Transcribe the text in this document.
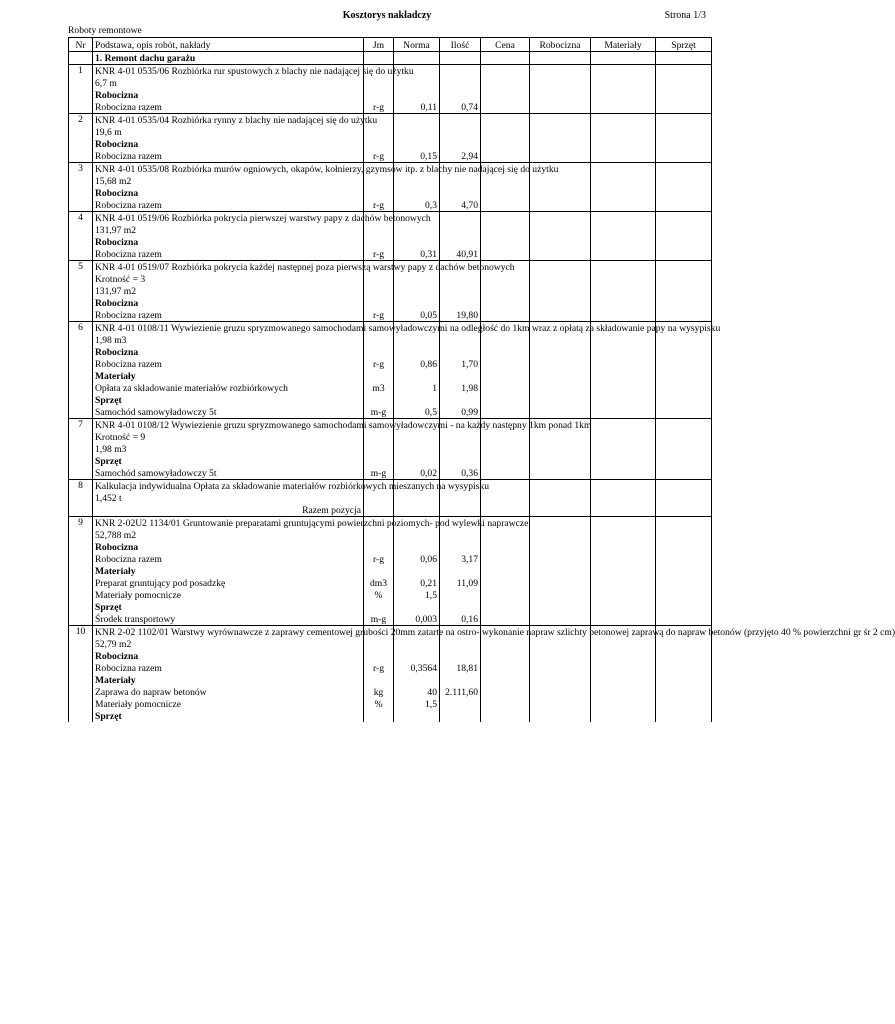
Kosztorys nakładczy	Strona 1/3
Roboty remontowe
Nr	Podstawa, opis robót, nakłady	Jm	Norma	Ilość	Cena	Robocizna	Materiały	Sprzęt
	1. Remont dachu garażu							
1	KNR 4-01 0535/06 Rozbiórka rur spustowych z blachy nie nadającej się do użytku							
	6,7 m							
	Robocizna							
	Robocizna razem	r-g	0,11	0,74				
2	KNR 4-01 0535/04 Rozbiórka rynny z blachy nie nadającej się do użytku							
	19,6 m							
	Robocizna							
	Robocizna razem	r-g	0,15	2,94				
3	KNR 4-01 0535/08 Rozbiórka murów ogniowych, okapów, kołnierzy, gzymsów itp. z blachy nie nadającej się do użytku							
	15,68 m2							
	Robocizna							
	Robocizna razem	r-g	0,3	4,70				
4	KNR 4-01 0519/06 Rozbiórka pokrycia pierwszej warstwy papy z dachów betonowych							
	131,97 m2							
	Robocizna							
	Robocizna razem	r-g	0,31	40,91				
5	KNR 4-01 0519/07 Rozbiórka pokrycia każdej następnej poza pierwszą warstwy papy z dachów betonowych							
	Krotność = 3							
	131,97 m2							
	Robocizna							
	Robocizna razem	r-g	0,05	19,80				
6	KNR 4-01 0108/11 Wywiezienie gruzu spryzmowanego samochodami samowyładowczymi na odległość do 1km wraz z opłatą za składowanie papy na wysypisku							
	1,98 m3							
	Robocizna							
	Robocizna razem	r-g	0,86	1,70				
	Materiały							
	Opłata za składowanie materiałów rozbiórkowych	m3	1	1,98				
	Sprzęt							
	Samochód samowyładowczy 5t	m-g	0,5	0,99				
7	KNR 4-01 0108/12 Wywiezienie gruzu spryzmowanego samochodami samowyładowczymi - na każdy następny 1km ponad 1km							
	Krotność = 9							
	1,98 m3							
	Sprzęt							
	Samochód samowyładowczy 5t	m-g	0,02	0,36				
8	Kalkulacja indywidualna Opłata za składowanie materiałów rozbiórkowych mieszanych na wysypisku							
	1,452 t							
	Razem pozycja							
9	KNR 2-02U2 1134/01 Gruntowanie preparatami gruntującymi powierzchni poziomych- pod wylewki naprawcze							
	52,788 m2							
	Robocizna							
	Robocizna razem	r-g	0,06	3,17				
	Materiały							
	Preparat gruntujący pod posadzkę	dm3	0,21	11,09				
	Materiały pomocnicze	%	1,5					
	Sprzęt							
	Środek transportowy	m-g	0,003	0,16				
10	KNR 2-02 1102/01 Warstwy wyrównawcze z zaprawy cementowej grubości 20mm zatarte na ostro- wykonanie napraw szlichty betonowej zaprawą do napraw betonów (przyjęto 40 % powierzchni gr śr 2 cm)							
	52,79 m2							
	Robocizna							
	Robocizna razem	r-g	0,3564	18,81				
	Materiały							
	Zaprawa do napraw betonów	kg	40	2.111,60				
	Materiały pomocnicze	%	1,5					
	Sprzęt							
